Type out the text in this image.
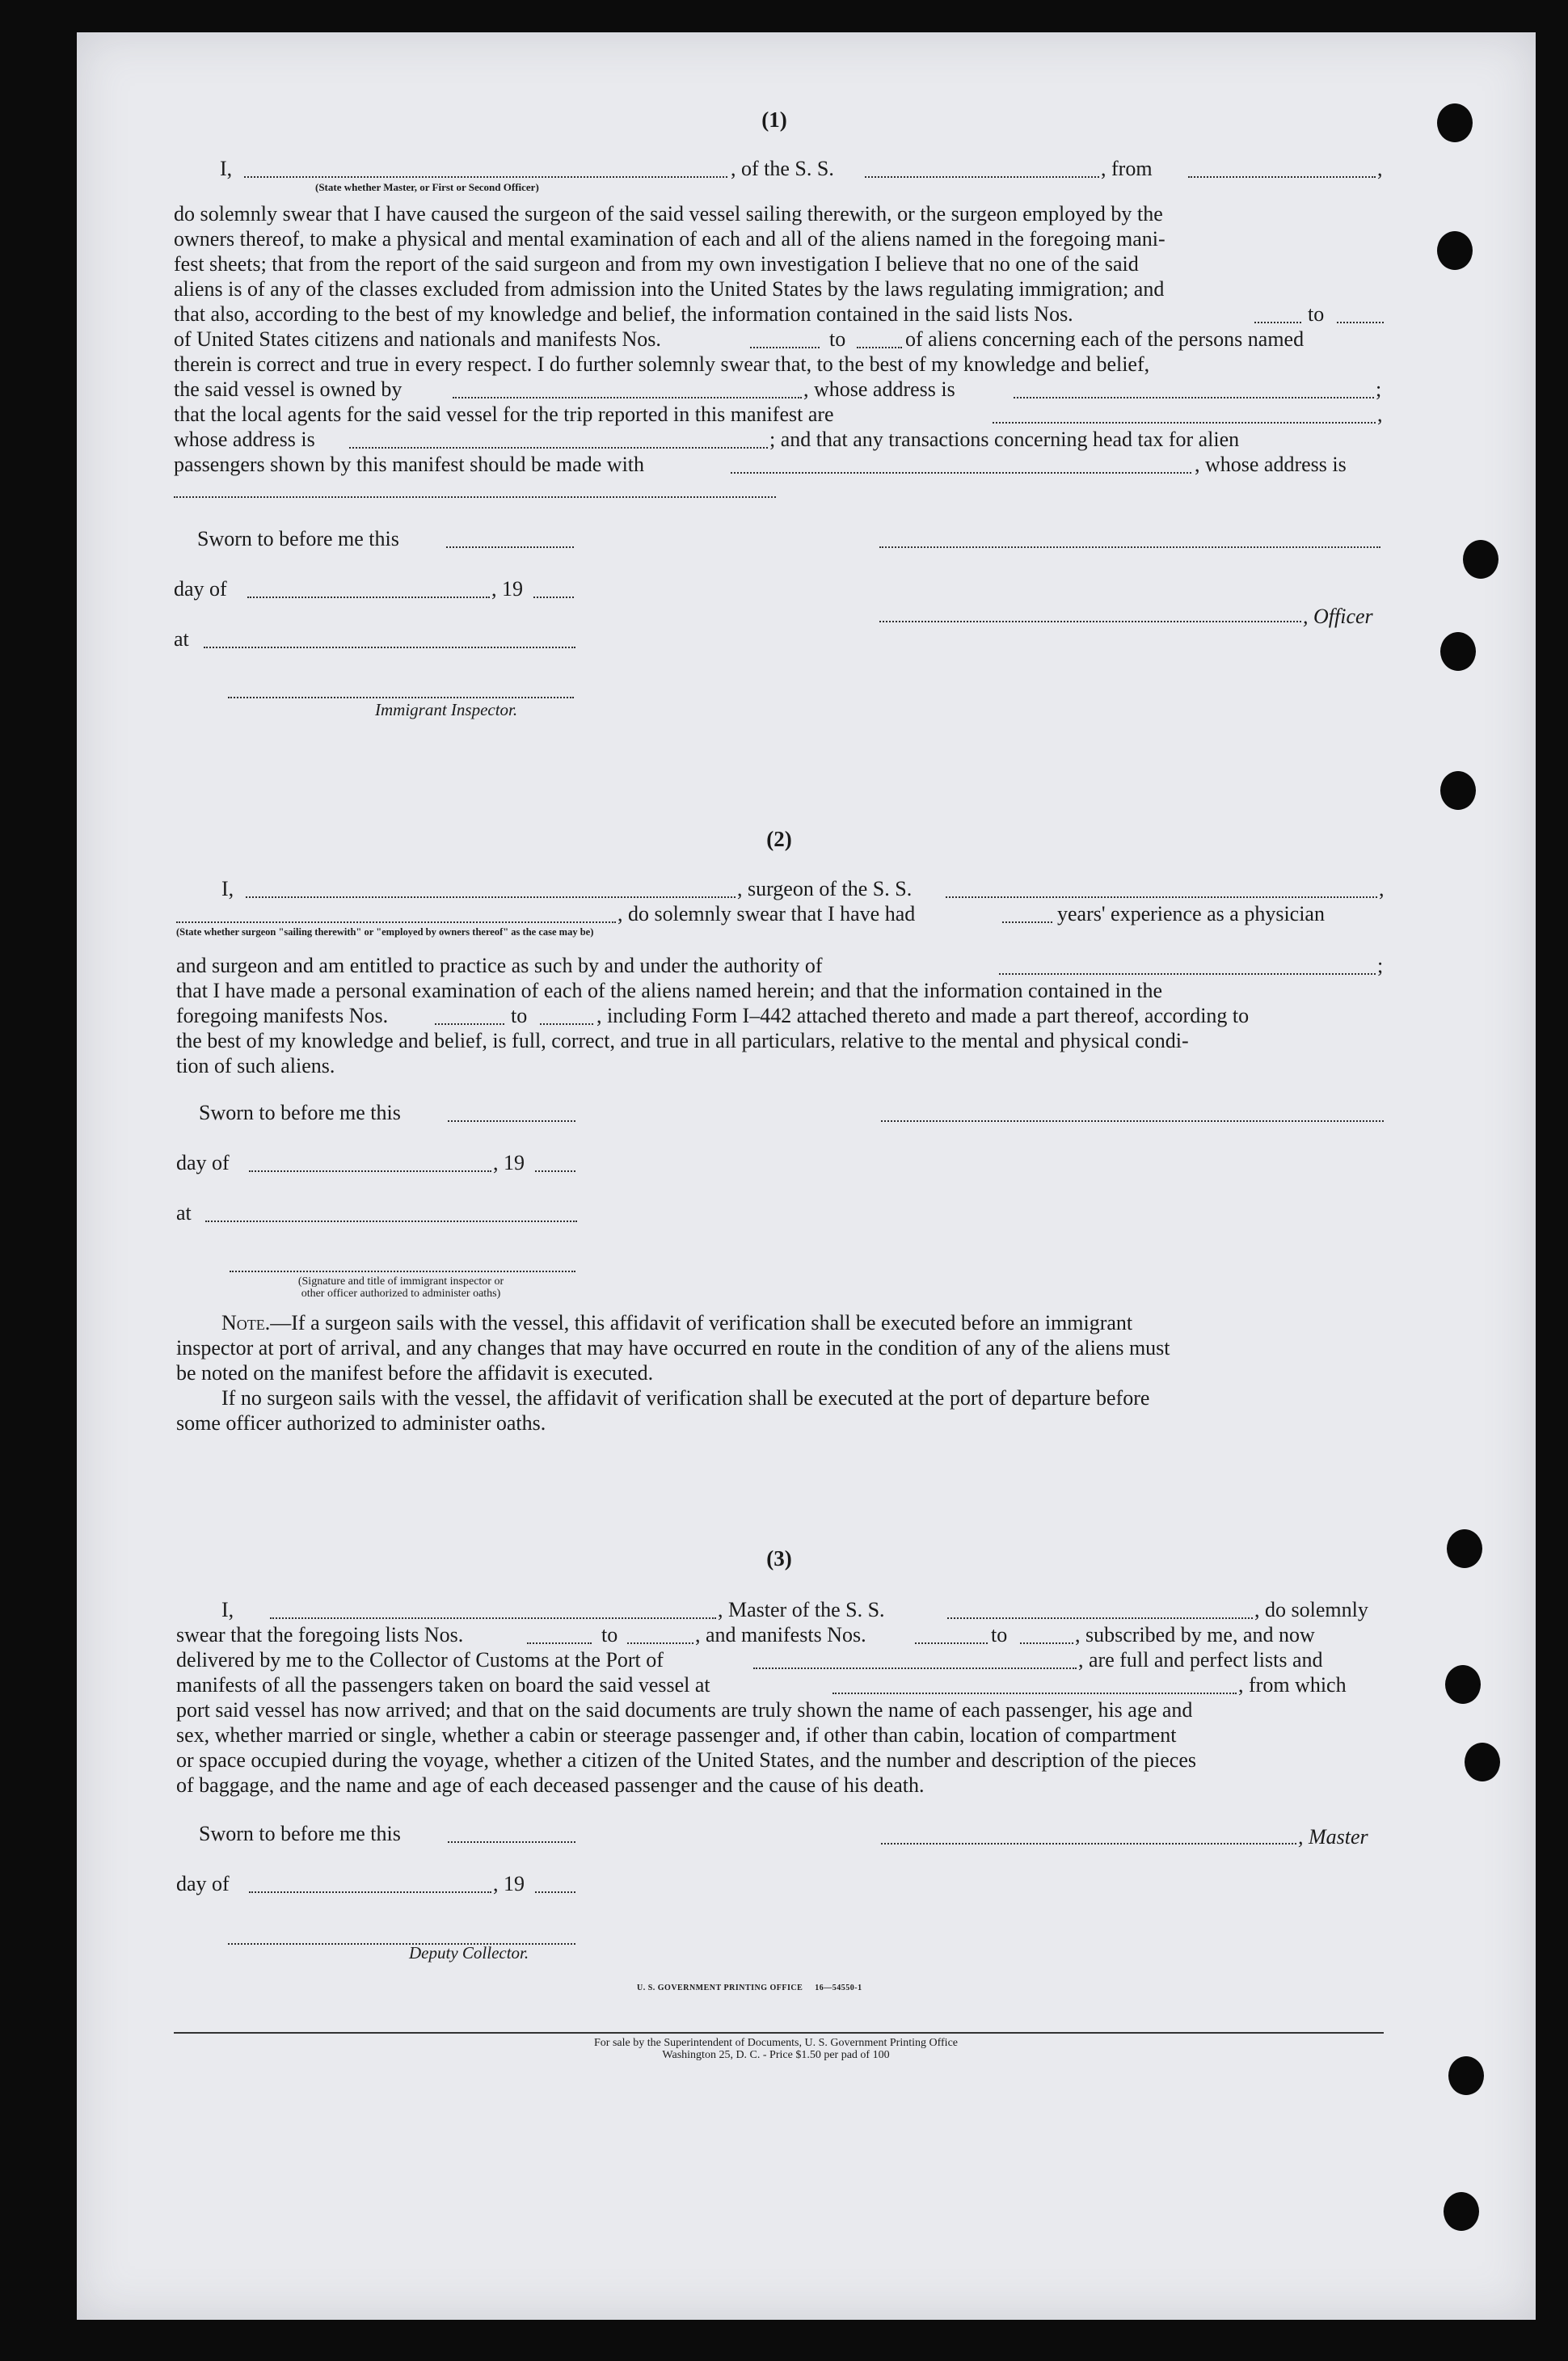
(1)
I,	, of the S. S.	, from	,
(State whether Master, or First or Second Officer)
do solemnly swear that I have caused the surgeon of the said vessel sailing therewith, or the surgeon employed by the
owners thereof, to make a physical and mental examination of each and all of the aliens named in the foregoing mani-
fest sheets; that from the report of the said surgeon and from my own investigation I believe that no one of the said
aliens is of any of the classes excluded from admission into the United States by the laws regulating immigration; and
that also, according to the best of my knowledge and belief, the information contained in the said lists Nos.	to
of United States citizens and nationals and manifests Nos.	to	of aliens concerning each of the persons named
therein is correct and true in every respect. I do further solemnly swear that, to the best of my knowledge and belief,
the said vessel is owned by	, whose address is	;
that the local agents for the said vessel for the trip reported in this manifest are	,
whose address is	; and that any transactions concerning head tax for alien
passengers shown by this manifest should be made with	, whose address is
Sworn to before me this
day of	, 19
, Officer
at
Immigrant Inspector.
(2)
I,	, surgeon of the S. S.	,
, do solemnly swear that I have had	years' experience as a physician
(State whether surgeon "sailing therewith" or "employed by owners thereof" as the case may be)
and surgeon and am entitled to practice as such by and under the authority of	;
that I have made a personal examination of each of the aliens named herein; and that the information contained in the
foregoing manifests Nos.	to	, including Form I–442 attached thereto and made a part thereof, according to
the best of my knowledge and belief, is full, correct, and true in all particulars, relative to the mental and physical condi-
tion of such aliens.
Sworn to before me this
day of	, 19
at
(Signature and title of immigrant inspector or
other officer authorized to administer oaths)
Note.—If a surgeon sails with the vessel, this affidavit of verification shall be executed before an immigrant
inspector at port of arrival, and any changes that may have occurred en route in the condition of any of the aliens must
be noted on the manifest before the affidavit is executed.
If no surgeon sails with the vessel, the affidavit of verification shall be executed at the port of departure before
some officer authorized to administer oaths.
(3)
I,	, Master of the S. S.	, do solemnly
swear that the foregoing lists Nos.	to	, and manifests Nos.	to	, subscribed by me, and now
delivered by me to the Collector of Customs at the Port of	, are full and perfect lists and
manifests of all the passengers taken on board the said vessel at	, from which
port said vessel has now arrived; and that on the said documents are truly shown the name of each passenger, his age and
sex, whether married or single, whether a cabin or steerage passenger and, if other than cabin, location of compartment
or space occupied during the voyage, whether a citizen of the United States, and the number and description of the pieces
of baggage, and the name and age of each deceased passenger and the cause of his death.
Sworn to before me this	, Master
day of	, 19
Deputy Collector.
U. S. GOVERNMENT PRINTING OFFICE     16—54550-1
For sale by the Superintendent of Documents, U. S. Government Printing Office
Washington 25, D. C. - Price $1.50 per pad of 100
